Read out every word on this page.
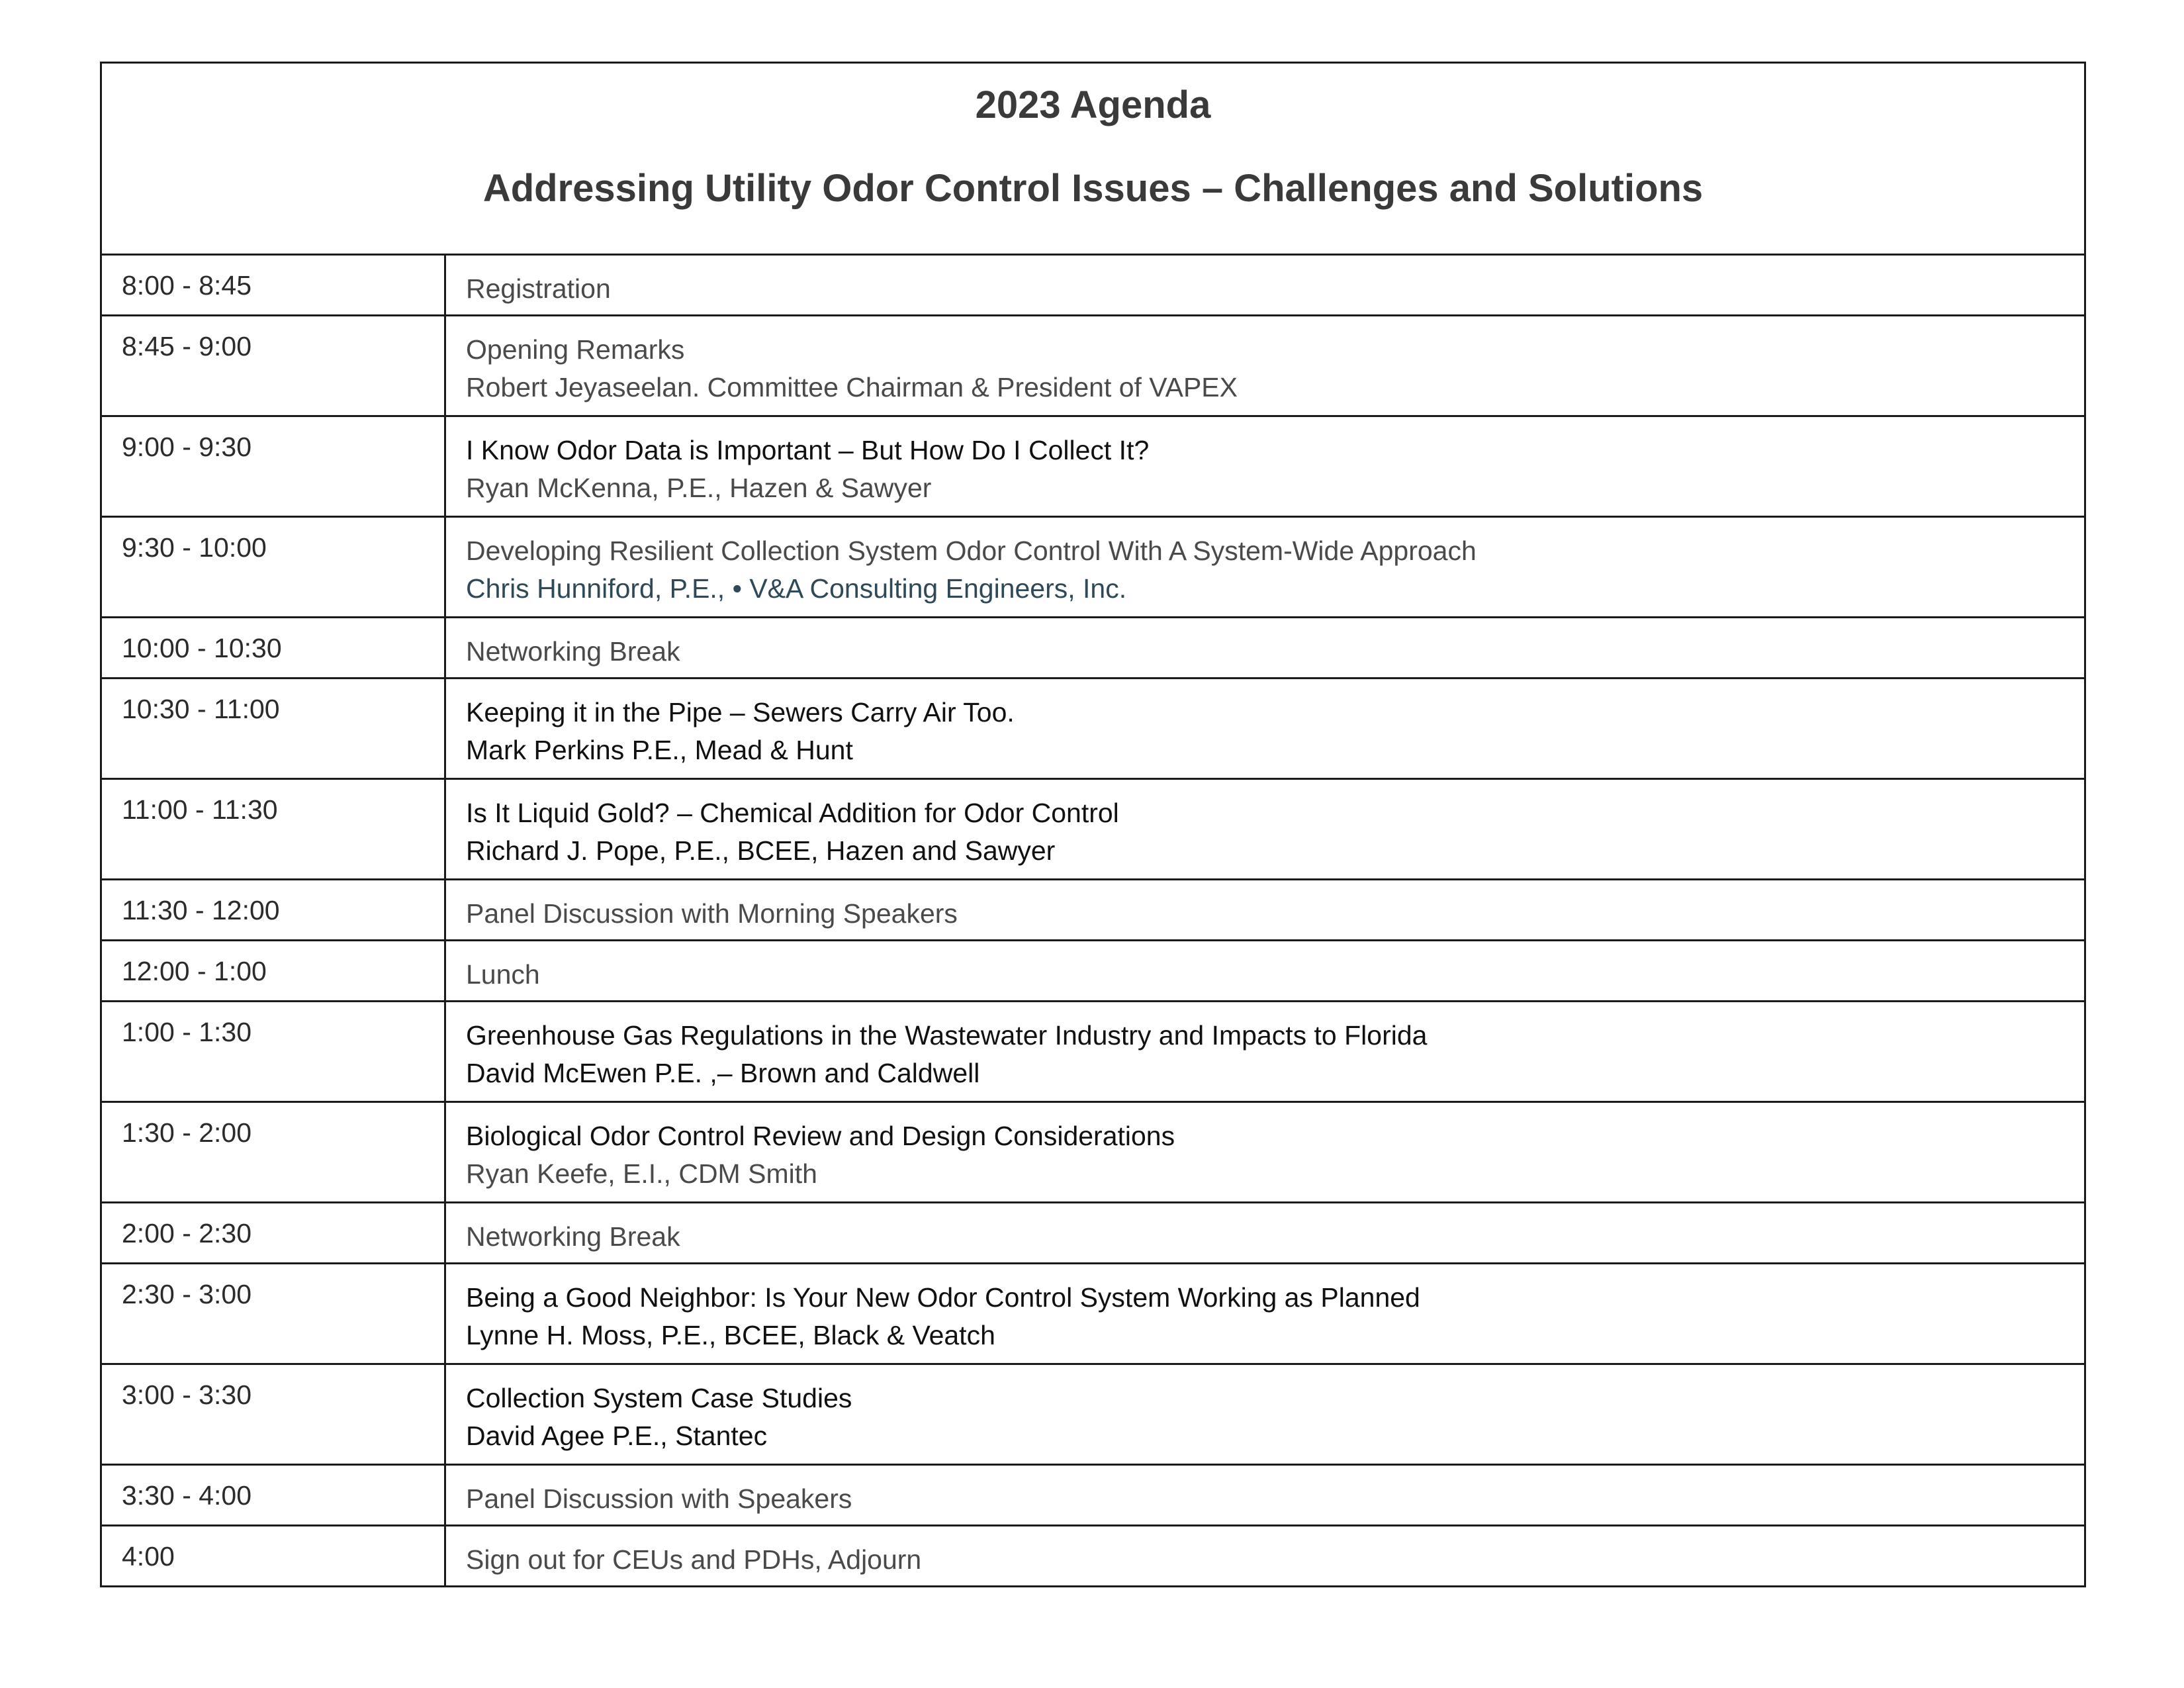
2023 Agenda
Addressing Utility Odor Control Issues – Challenges and Solutions	

8:00 - 8:45	Registration

8:45 - 9:00	Opening Remarks
Robert Jeyaseelan. Committee Chairman & President of VAPEX

9:00 - 9:30	I Know Odor Data is Important – But How Do I Collect It?
Ryan McKenna, P.E., Hazen & Sawyer

9:30 - 10:00	Developing Resilient Collection System Odor Control With A System-Wide Approach
Chris Hunniford, P.E., • V&A Consulting Engineers, Inc.

10:00 - 10:30	Networking Break

10:30 - 11:00	Keeping it in the Pipe – Sewers Carry Air Too.
Mark Perkins P.E., Mead & Hunt

11:00 - 11:30	Is It Liquid Gold? – Chemical Addition for Odor Control
Richard J. Pope, P.E., BCEE, Hazen and Sawyer

11:30 - 12:00	Panel Discussion with Morning Speakers

12:00 - 1:00	Lunch

1:00 - 1:30	Greenhouse Gas Regulations in the Wastewater Industry and Impacts to Florida
David McEwen P.E. ,– Brown and Caldwell

1:30 - 2:00	Biological Odor Control Review and Design Considerations
Ryan Keefe, E.I., CDM Smith

2:00 - 2:30	Networking Break

2:30 - 3:00	Being a Good Neighbor: Is Your New Odor Control System Working as Planned
Lynne H. Moss, P.E., BCEE, Black & Veatch

3:00 - 3:30	Collection System Case Studies
David Agee P.E., Stantec

3:30 - 4:00	Panel Discussion with Speakers

4:00	Sign out for CEUs and PDHs, Adjourn
